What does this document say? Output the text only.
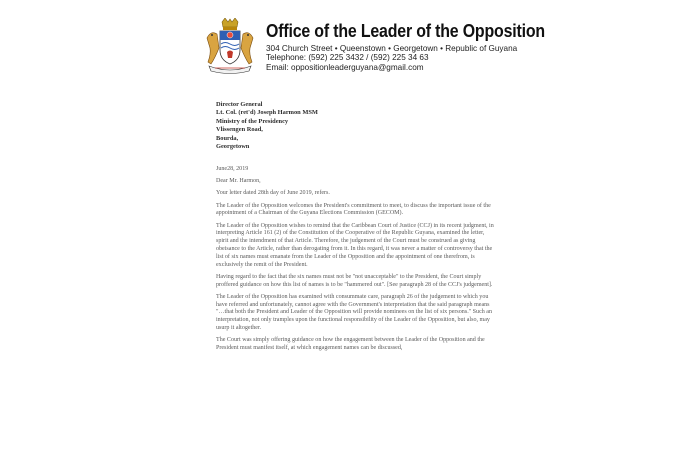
Office of the Leader of the Opposition
304 Church Street • Queenstown • Georgetown • Republic of Guyana
Telephone: (592) 225 3432 / (592) 225 34 63
Email: oppositionleaderguyana@gmail.com
Director General
Lt. Col. (ret'd) Joseph Harmon MSM
Ministry of the Presidency
Vlissengen Road,
Bourda,
Georgetown

June28, 2019

Dear Mr. Harmon,

Your letter dated 28th day of June 2019, refers.

The Leader of the Opposition welcomes the President's commitment to meet, to discuss the important issue of the appointment of a Chairman of the Guyana Elections Commission (GECOM).

The Leader of the Opposition wishes to remind that the Caribbean Court of Justice (CCJ) in its recent judgment, in interpreting Article 161 (2) of the Constitution of the Cooperative of the Republic Guyana, examined the letter, spirit and the intendment of that Article. Therefore, the judgement of the Court must be construed as giving obeisance to the Article, rather than derogating from it. In this regard, it was never a matter of controversy that the list of six names must emanate from the Leader of the Opposition and the appointment of one therefrom, is exclusively the remit of the President.

Having regard to the fact that the six names must not be "not unacceptable" to the President, the Court simply proffered guidance on how this list of names is to be "hammered out". [See paragraph 28 of the CCJ's judgement].

The Leader of the Opposition has examined with consummate care, paragraph 26 of the judgement to which you have referred and unfortunately, cannot agree with the Government's interpretation that the said paragraph means "…that both the President and Leader of the Opposition will provide nominees on the list of six persons." Such an interpretation, not only tramples upon the functional responsibility of the Leader of the Opposition, but also, may usurp it altogether.

The Court was simply offering guidance on how the engagement between the Leader of the Opposition and the President must manifest itself, at which engagement names can be discussed,
